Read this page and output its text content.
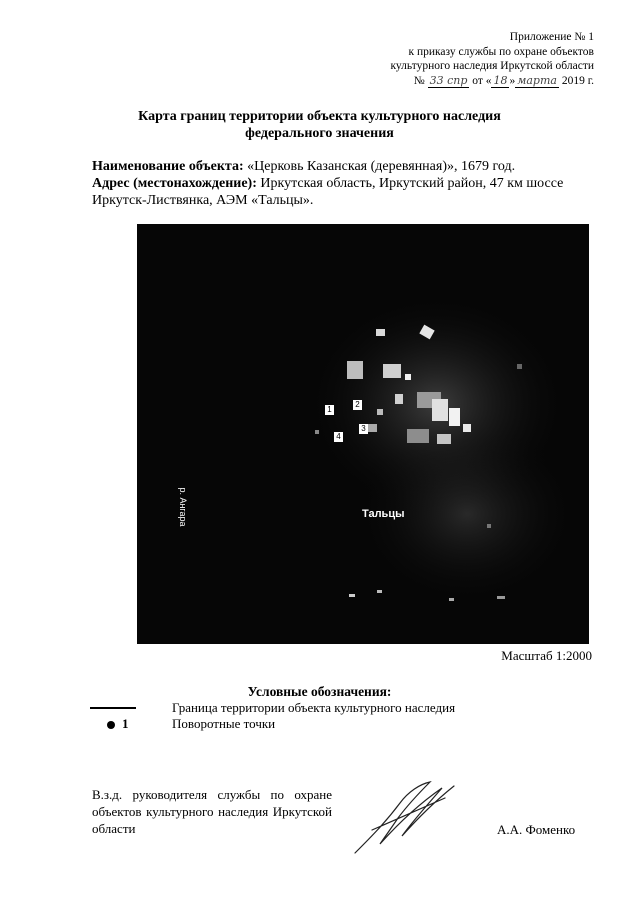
Приложение № 1
к приказу службы по охране объектов
культурного наследия Иркутской области
№ 33 спр от « 18 » марта 2019 г.
Карта границ территории объекта культурного наследия
федерального значения
Наименование объекта: «Церковь Казанская (деревянная)», 1679 год.
Адрес (местонахождение): Иркутская область, Иркутский район, 47 км шоссе Иркутск-Листвянка, АЭМ «Тальцы».
1
2
3
4
р. Ангара	Тальцы
Масштаб 1:2000
Условные обозначения:
Граница территории объекта культурного наследия
1	Поворотные точки
В.з.д. руководителя службы по охране объектов культурного наследия Иркутской области	А.А. Фоменко
